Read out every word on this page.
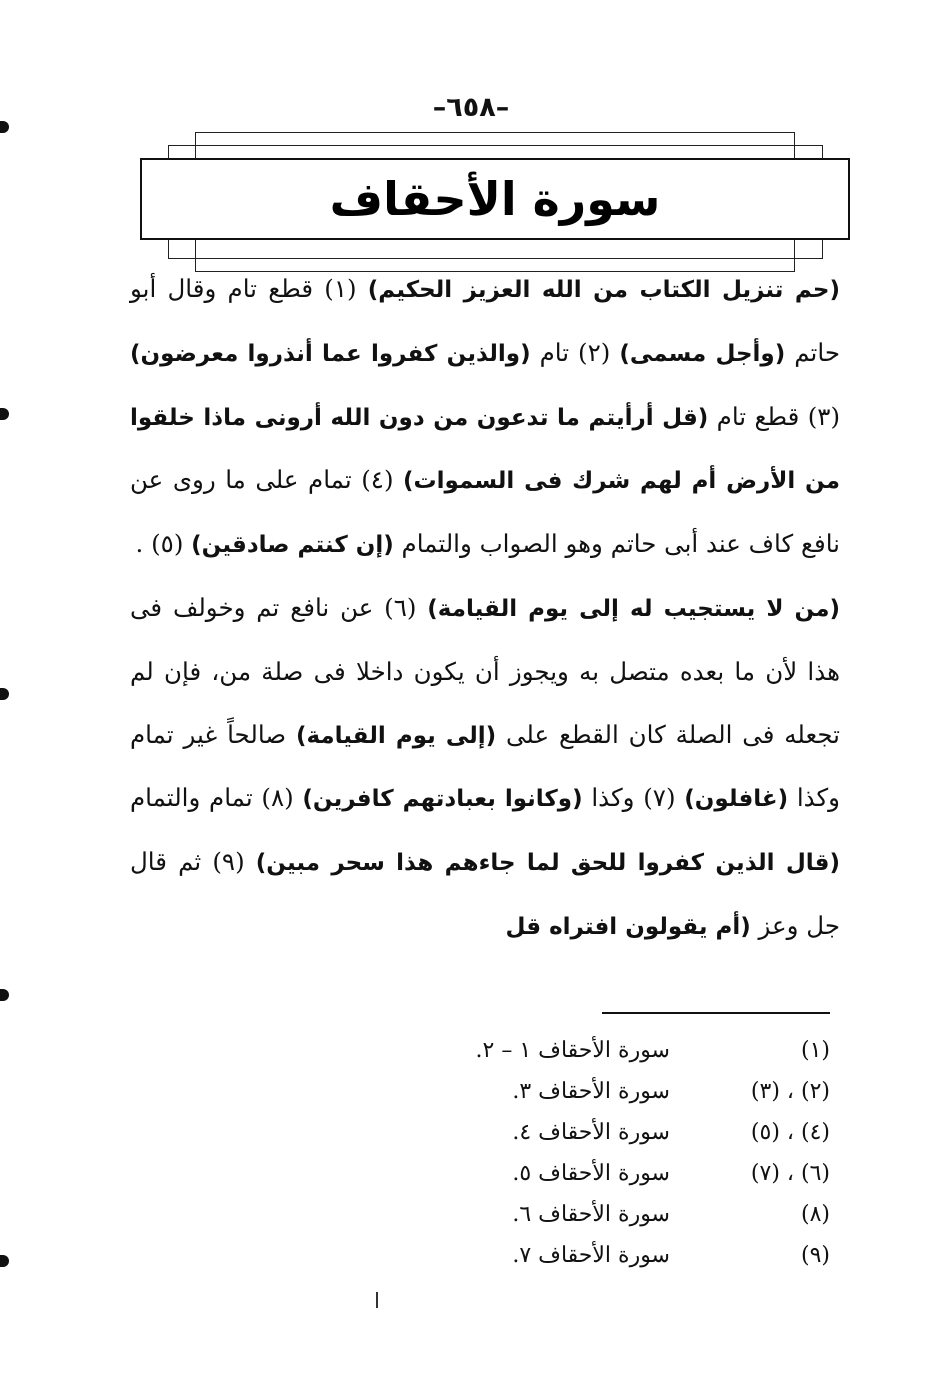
–٦٥٨–
سورة الأحقاف

(حم تنزيل الكتاب من الله العزيز الحكيم) (١) قطع تام وقال أبو حاتم (وأجل مسمى) (٢) تام (والذين كفروا عما أنذروا معرضون) (٣) قطع تام (قل أرأيتم ما تدعون من دون الله أرونى ماذا خلقوا من الأرض أم لهم شرك فى السموات) (٤) تمام على ما روى عن نافع كاف عند أبى حاتم وهو الصواب والتمام (إن كنتم صادقين) (٥) .

(من لا يستجيب له إلى يوم القيامة) (٦) عن نافع تم وخولف فى هذا لأن ما بعده متصل به ويجوز أن يكون داخلا فى صلة من، فإن لم تجعله فى الصلة كان القطع على (إلى يوم القيامة) صالحاً غير تمام وكذا (غافلون) (٧) وكذا (وكانوا بعبادتهم كافرين) (٨) تمام والتمام (قال الذين كفروا للحق لما جاءهم هذا سحر مبين) (٩) ثم قال جل وعز (أم يقولون افتراه قل

(١)
سورة الأحقاف ١ – ٢.
(٢) ، (٣)
سورة الأحقاف ٣.
(٤) ، (٥)
سورة الأحقاف ٤.
(٦) ، (٧)
سورة الأحقاف ٥.
(٨)
سورة الأحقاف ٦.
(٩)
سورة الأحقاف ٧.
